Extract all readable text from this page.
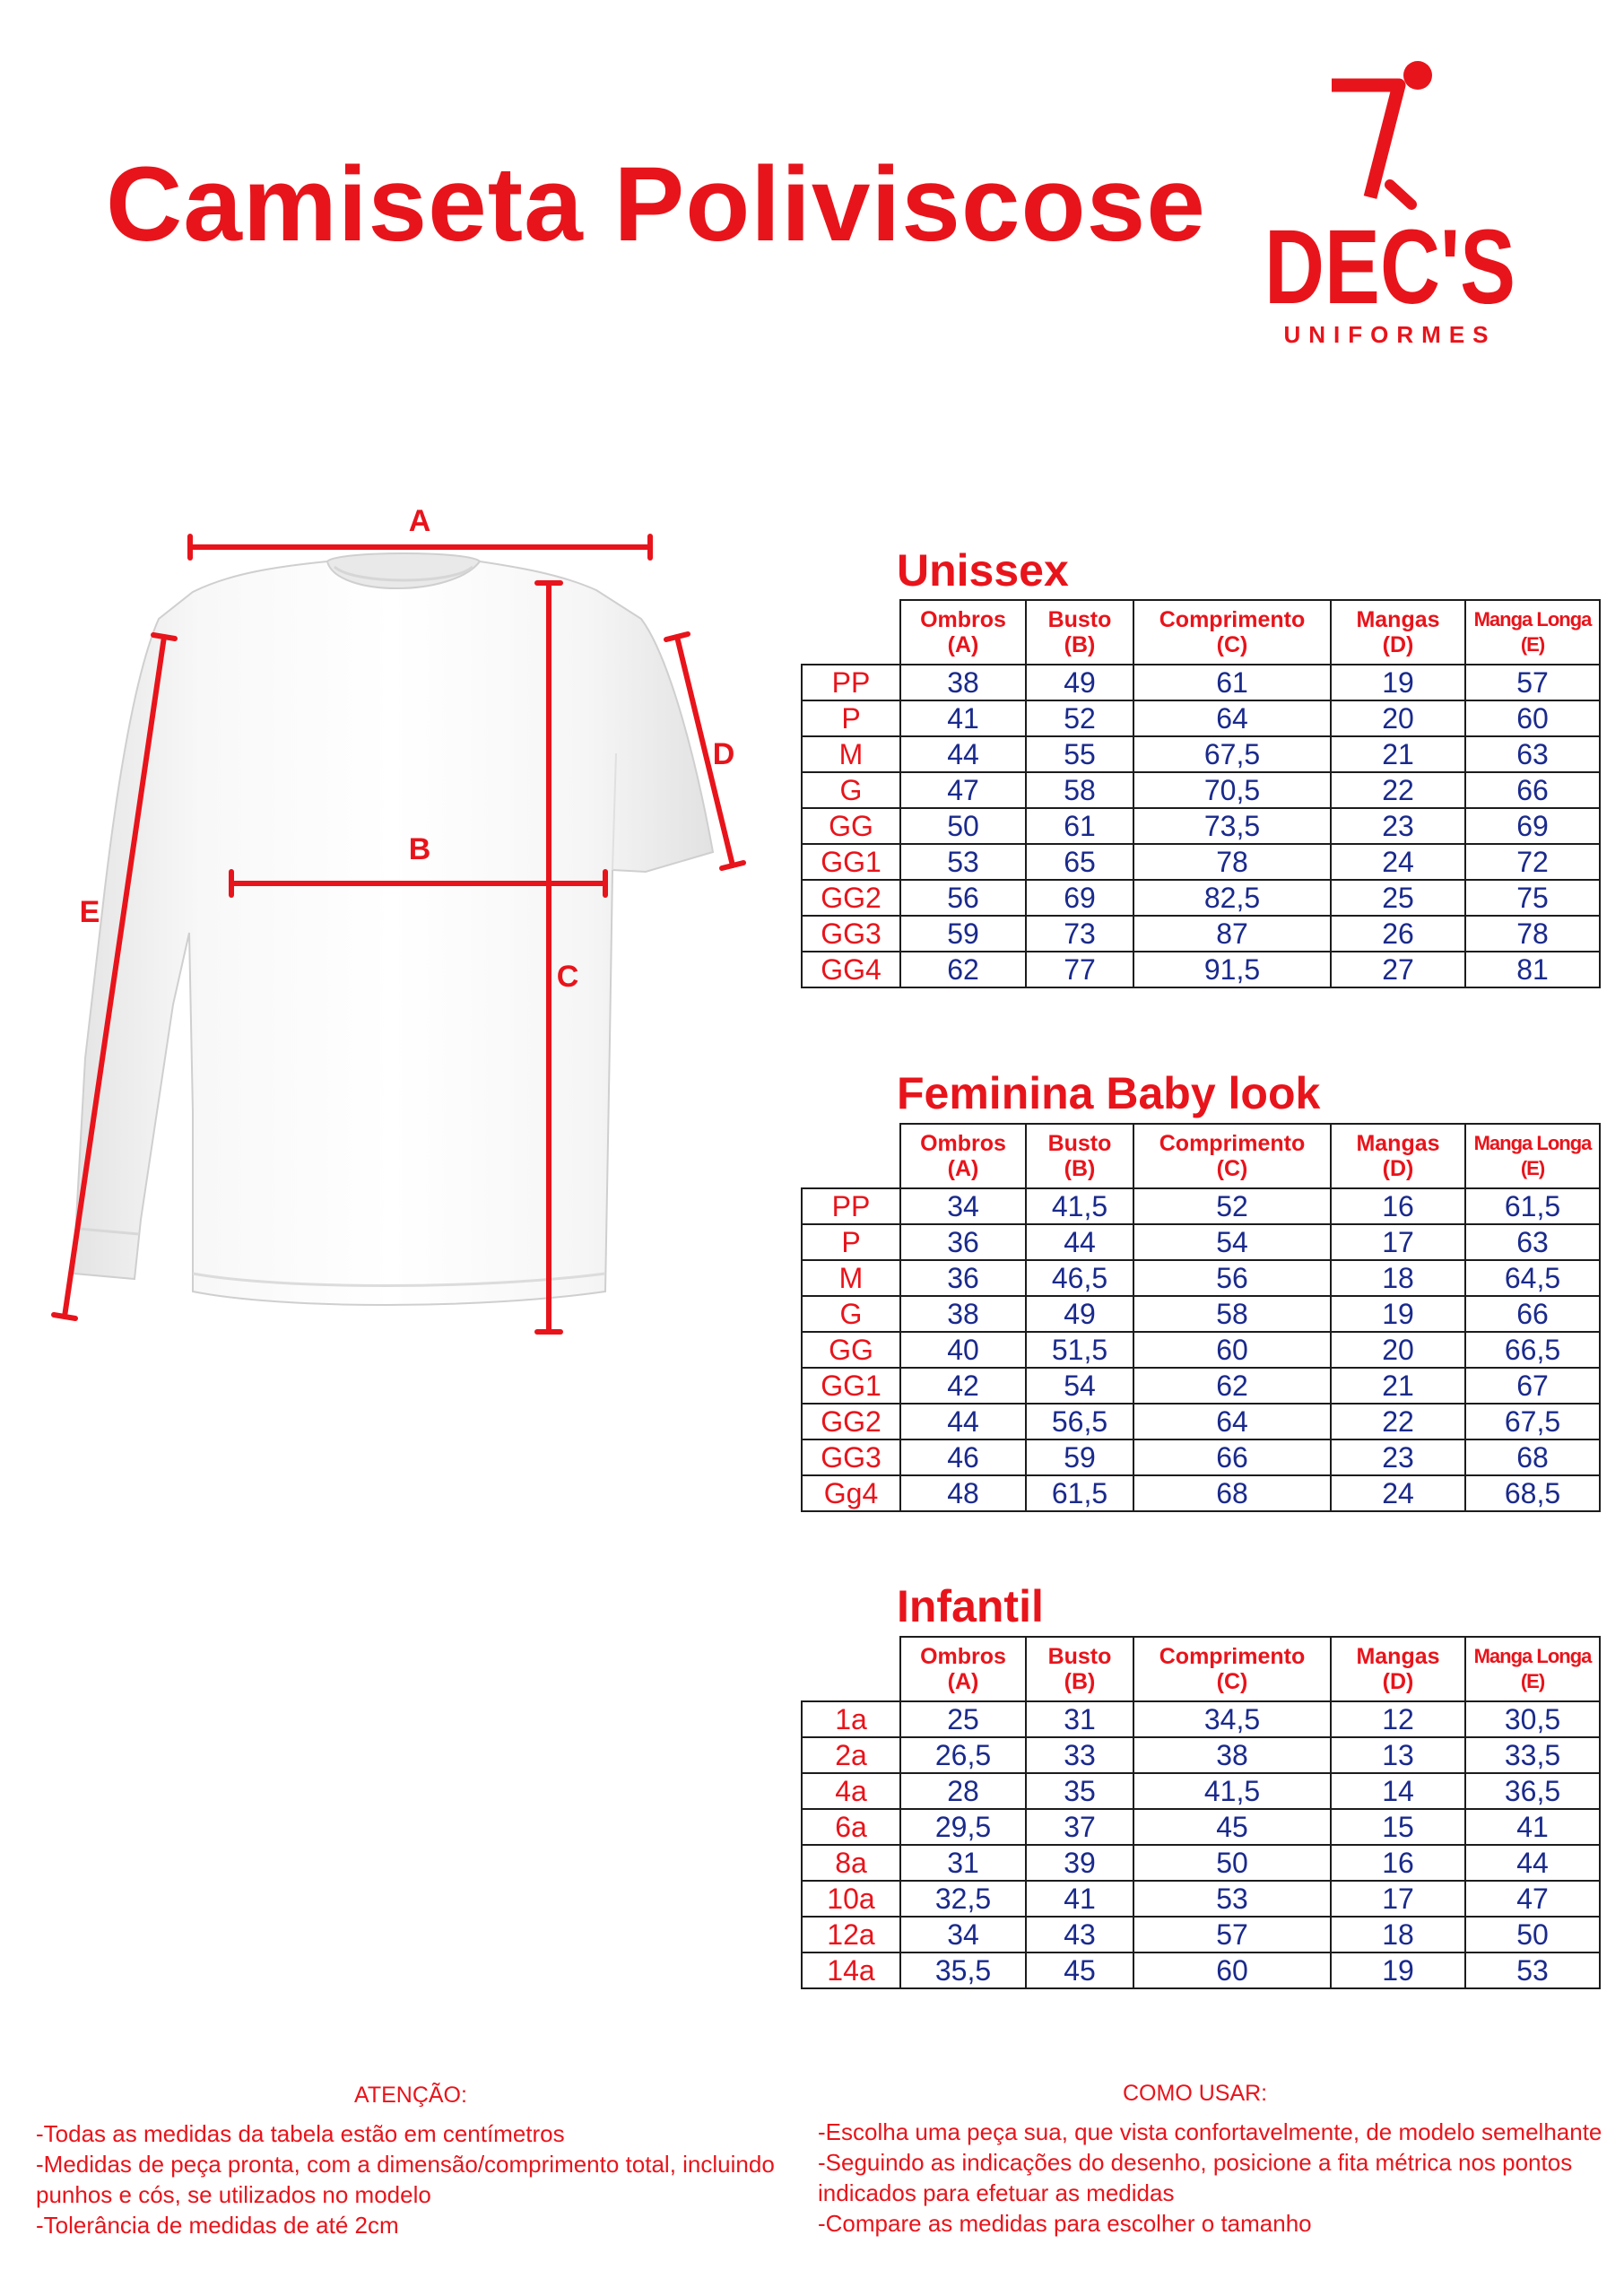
Camiseta Poliviscose
DEC'S
UNIFORMES
A
B
C
D
E
Unissex

	Ombros
(A)	Busto
(B)	Comprimento
(C)	Mangas
(D)	Manga Longa
(E)

PP	38	49	61	19	57
P	41	52	64	20	60
M	44	55	67,5	21	63
G	47	58	70,5	22	66
GG	50	61	73,5	23	69
GG1	53	65	78	24	72
GG2	56	69	82,5	25	75
GG3	59	73	87	26	78
GG4	62	77	91,5	27	81
Feminina Baby look

	Ombros
(A)	Busto
(B)	Comprimento
(C)	Mangas
(D)	Manga Longa
(E)

PP	34	41,5	52	16	61,5
P	36	44	54	17	63
M	36	46,5	56	18	64,5
G	38	49	58	19	66
GG	40	51,5	60	20	66,5
GG1	42	54	62	21	67
GG2	44	56,5	64	22	67,5
GG3	46	59	66	23	68
Gg4	48	61,5	68	24	68,5
Infantil

	Ombros
(A)	Busto
(B)	Comprimento
(C)	Mangas
(D)	Manga Longa
(E)

1a	25	31	34,5	12	30,5
2a	26,5	33	38	13	33,5
4a	28	35	41,5	14	36,5
6a	29,5	37	45	15	41
8a	31	39	50	16	44
10a	32,5	41	53	17	47
12a	34	43	57	18	50
14a	35,5	45	60	19	53

ATENÇÃO:

-Todas as medidas da tabela estão em centímetros
-Medidas de peça pronta, com a dimensão/comprimento total, incluindo
punhos e cós, se utilizados no modelo
-Tolerância de medidas de até 2cm

COMO USAR:

-Escolha uma peça sua, que vista confortavelmente, de modelo semelhante
-Seguindo as indicações do desenho, posicione a fita métrica nos pontos
indicados para efetuar as medidas
-Compare as medidas para escolher o tamanho
